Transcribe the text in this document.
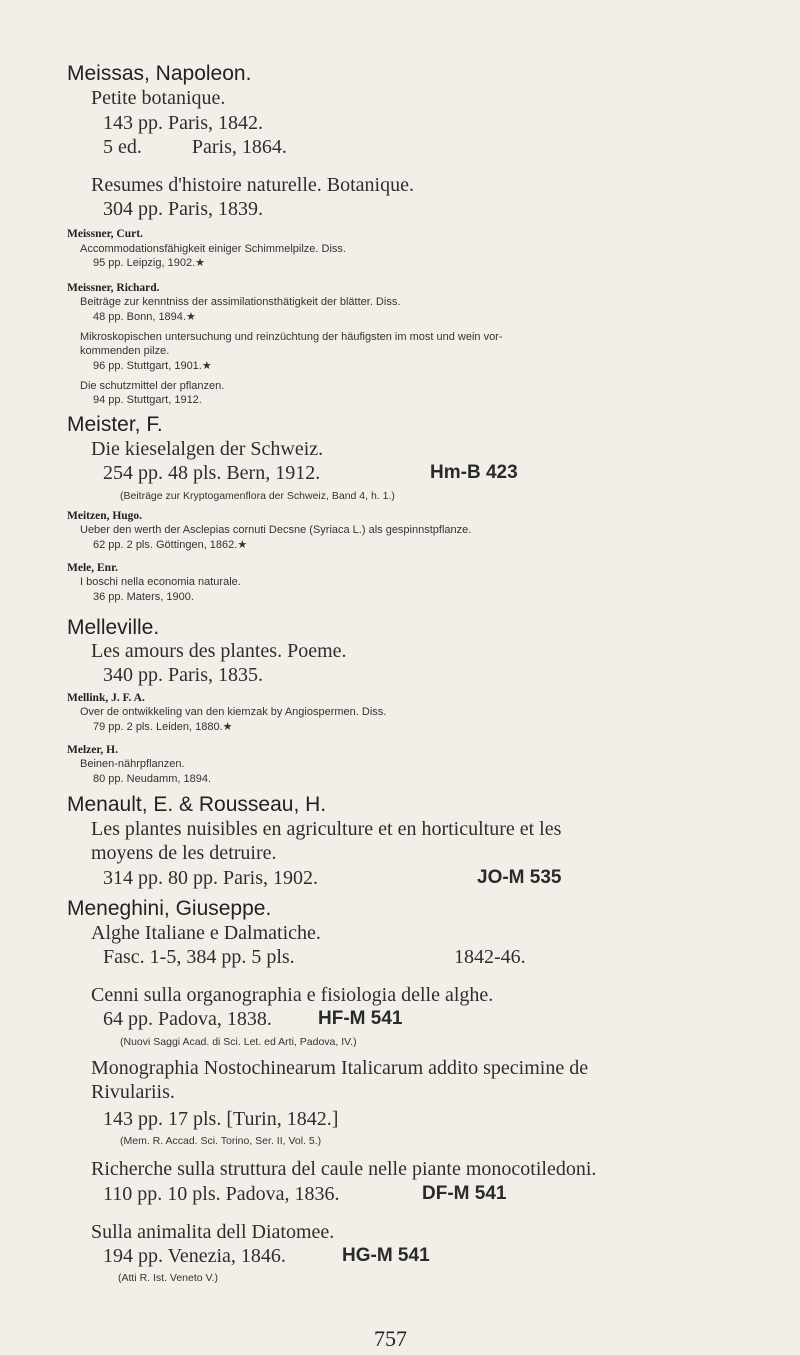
Meissas, Napoleon.
Petite botanique.
143 pp. Paris, 1842.
5 ed.          Paris, 1864.
Resumes d'histoire naturelle. Botanique.
304 pp. Paris, 1839.
Meissner, Curt.
Accommodationsfähigkeit einiger Schimmelpilze. Diss.
95 pp. Leipzig, 1902.★
Meissner, Richard.
Beiträge zur kenntniss der assimilationsthätigkeit der blätter. Diss.
48 pp. Bonn, 1894.★
Mikroskopischen untersuchung und reinzüchtung der häufigsten im most und wein vor-
kommenden pilze.
96 pp. Stuttgart, 1901.★
Die schutzmittel der pflanzen.
94 pp. Stuttgart, 1912.
Meister, F.
Die kieselalgen der Schweiz.
254 pp. 48 pls. Bern, 1912.	Hm-B 423
(Beiträge zur Kryptogamenflora der Schweiz, Band 4, h. 1.)
Meitzen, Hugo.
Ueber den werth der Asclepias cornuti Decsne (Syriaca L.) als gespinnstpflanze.
62 pp. 2 pls. Göttingen, 1862.★
Mele, Enr.
I boschi nella economia naturale.
36 pp. Maters, 1900.
Melleville.
Les amours des plantes. Poeme.
340 pp. Paris, 1835.
Mellink, J. F. A.
Over de ontwikkeling van den kiemzak by Angiospermen. Diss.
79 pp. 2 pls. Leiden, 1880.★
Melzer, H.
Beinen-nährpflanzen.
80 pp. Neudamm, 1894.
Menault, E. & Rousseau, H.
Les plantes nuisibles en agriculture et en horticulture et les
moyens de les detruire.
314 pp. 80 pp. Paris, 1902.	JO-M 535
Meneghini, Giuseppe.
Alghe Italiane e Dalmatiche.
Fasc. 1-5, 384 pp. 5 pls.	1842-46.
Cenni sulla organographia e fisiologia delle alghe.
64 pp. Padova, 1838. HF-M 541
(Nuovi Saggi Acad. di Sci. Let. ed Arti, Padova, IV.)
Monographia Nostochinearum Italicarum addito specimine de
Rivulariis.
143 pp. 17 pls. [Turin, 1842.]
(Mem. R. Accad. Sci. Torino, Ser. II, Vol. 5.)
Richerche sulla struttura del caule nelle piante monocotiledoni.
110 pp. 10 pls. Padova, 1836.	DF-M 541
Sulla animalita dell Diatomee.
194 pp. Venezia, 1846.	HG-M 541
(Atti R. Ist. Veneto V.)
757
